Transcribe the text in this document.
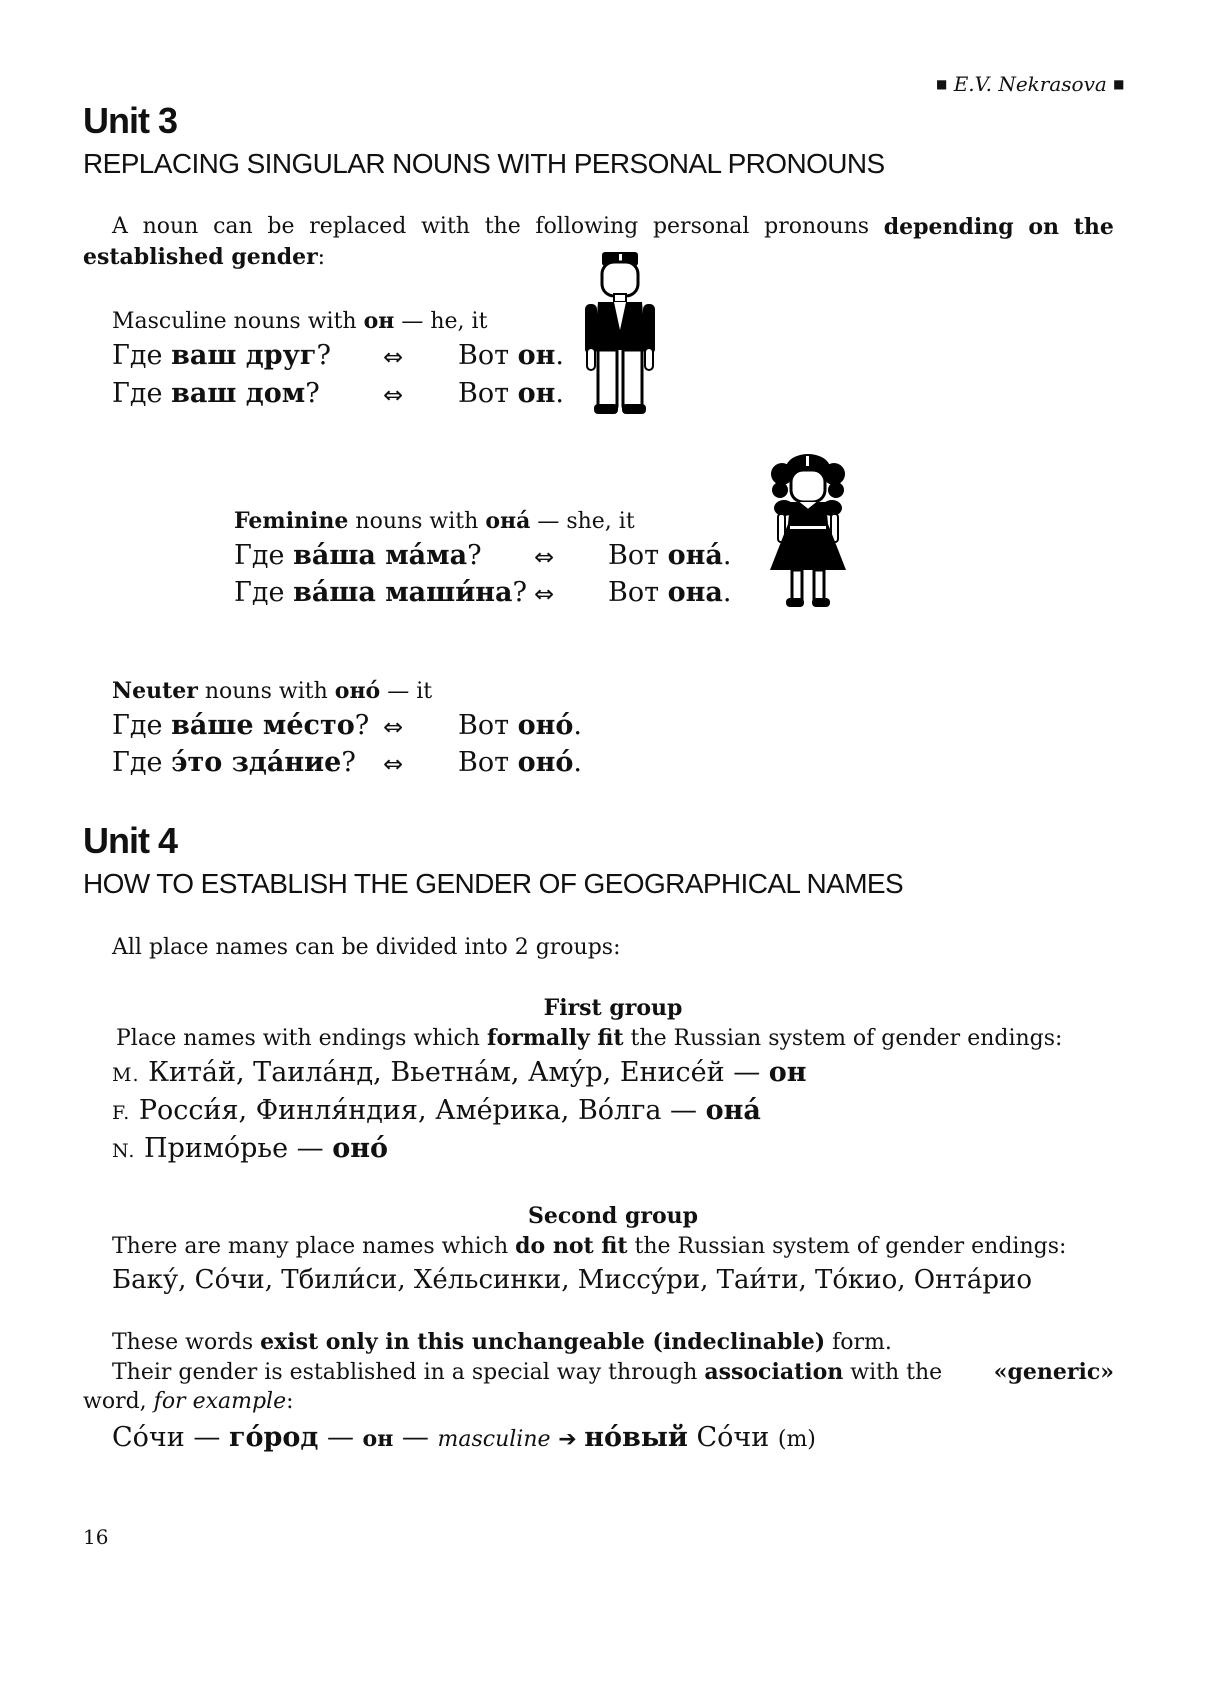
■ E.V. Nekrasova ■
Unit 3
REPLACING SINGULAR NOUNS WITH PERSONAL PRONOUNS
A noun can be replaced with the following personal pronouns depending on the
established gender:
Masculine nouns with он — he, it
Где ваш друг? ⇔ Вот он.
Где ваш дом?	⇔ Вот он.
Feminine nouns with она́ — she, it
Где ва́ша ма́ма? ⇔ Вот она́.
Где ва́ша маши́на? ⇔ Вот она.
Neuter nouns with оно́ — it
Где ва́ше ме́сто? ⇔ Вот оно́.
Где э́то зда́ние? ⇔ Вот оно́.
Unit 4
HOW TO ESTABLISH THE GENDER OF GEOGRAPHICAL NAMES
All place names can be divided into 2 groups:
First group
Place names with endings which formally fit the Russian system of gender endings:
М. Кита́й, Таила́нд, Вьетна́м, Аму́р, Енисе́й — он
F. Росси́я, Финля́ндия, Аме́рика, Во́лга — она́
N. Примо́рье — оно́
Second group
There are many place names which do not fit the Russian system of gender endings:
Баку́, Со́чи, Тбили́си, Хе́льсинки, Миссу́ри, Таи́ти, То́кио, Онта́рио
These words exist only in this unchangeable (indeclinable) form.
Their gender is established in a special way through association with the «generic»
word, for example:
Со́чи — го́род — он — masculine ➔ но́вый Со́чи (m)
16
